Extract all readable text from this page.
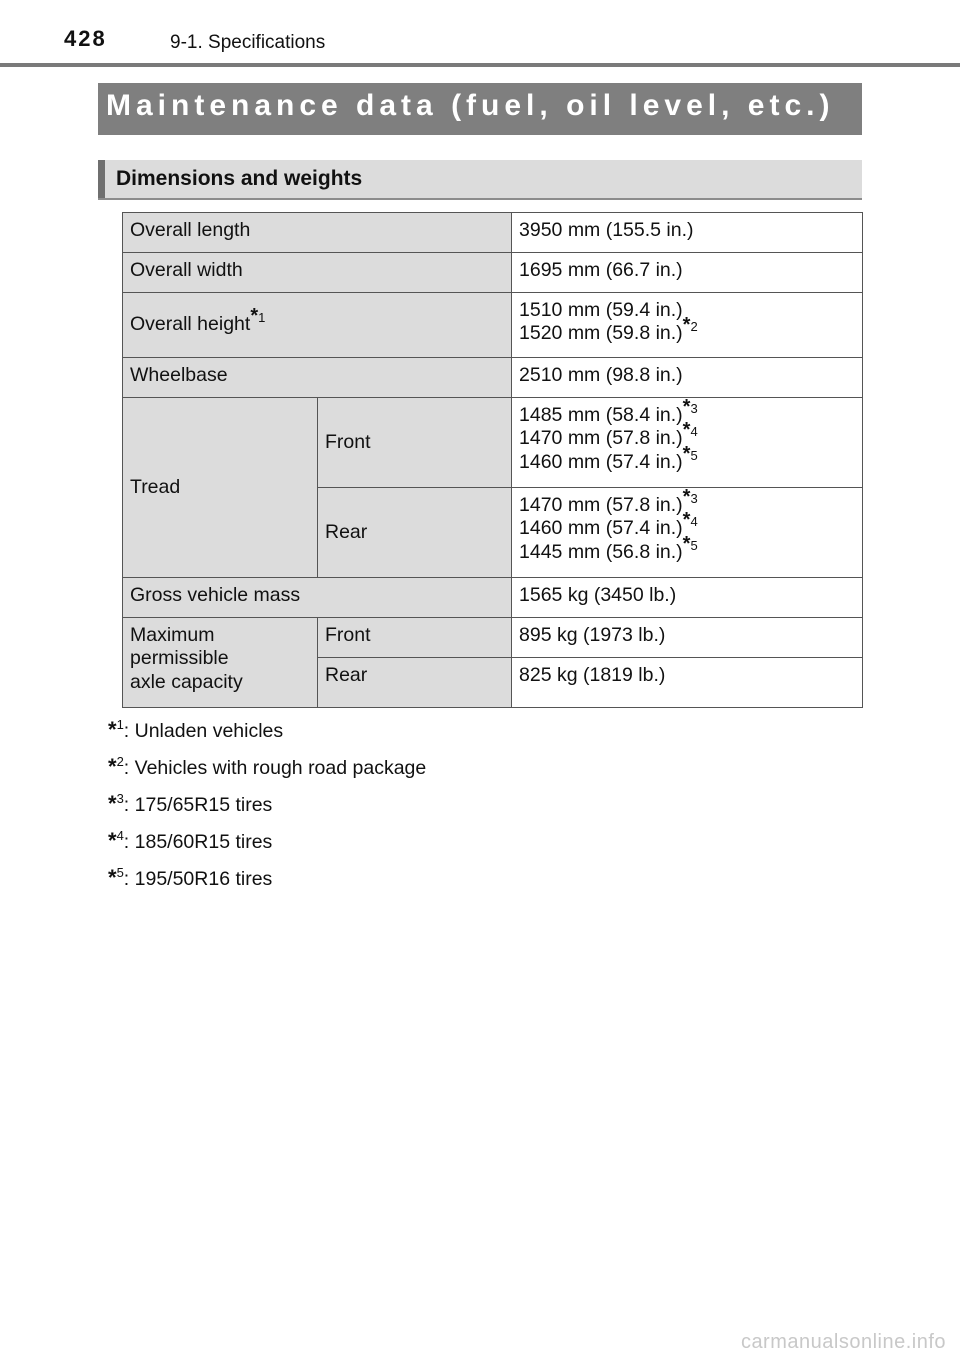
428	9-1. Specifications
Maintenance data (fuel, oil level, etc.)
Dimensions and weights
Overall length		3950 mm (155.5 in.)
Overall width		1695 mm (66.7 in.)
Overall height$^{*1}$		1510 mm (59.4 in.)
1520 mm (59.8 in.)$^{*2}$

Wheelbase		2510 mm (98.8 in.)
Tread	Front	1485 mm (58.4 in.)$^{*3}$
1470 mm (57.8 in.)$^{*4}$
1460 mm (57.4 in.)$^{*5}$

	Rear	1470 mm (57.8 in.)$^{*3}$
1460 mm (57.4 in.)$^{*4}$
1445 mm (56.8 in.)$^{*5}$

Gross vehicle mass		1565 kg (3450 lb.)

Maximum
permissible
axle capacity	Front	895 kg (1973 lb.)
	Rear	825 kg (1819 lb.)
*$^1$: Unladen vehicles
*$^2$: Vehicles with rough road package
*$^3$: 175/65R15 tires
*$^4$: 185/60R15 tires
*$^5$: 195/50R16 tires
carmanualsonline.info
